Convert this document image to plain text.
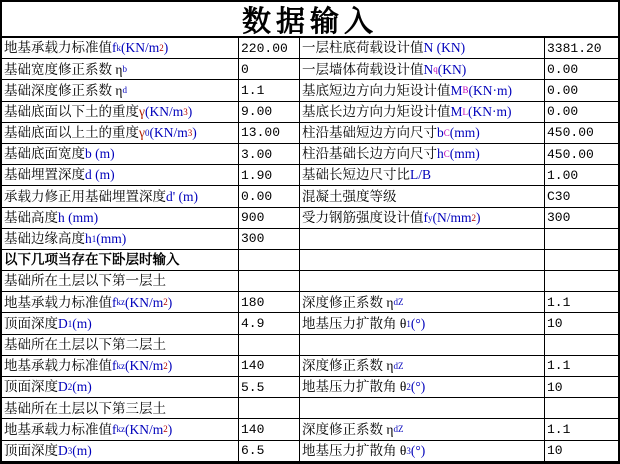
数据输入
地基承载力标准值 f k (KN/m 2 )	220.00	一层柱底荷载设计值 N (KN)	3381.20
基础宽度修正系数 η b	0	一层墙体荷载设计值 N q (KN)	0.00
基础深度修正系数 η d	1.1	基底短边方向力矩设计值 M B (KN·m)	0.00
基础底面以下土的重度 γ (KN/m 3 )	9.00	基底长边方向力矩设计值 M L (KN·m)	0.00
基础底面以上土的重度 γ 0 (KN/m 3 )	13.00	柱沿基础短边方向尺寸 b C (mm)	450.00
基础底面宽度 b (m)	3.00	柱沿基础长边方向尺寸 h C (mm)	450.00
基础埋置深度 d (m)	1.90	基础长短边尺寸比 L/B	1.00
承载力修正用基础埋置深度 d' (m)	0.00	混凝土强度等级	C30
基础高度 h (mm)	900	受力钢筋强度设计值 f y (N/mm 2 )	300
基础边缘高度 h 1 (mm)	300
以下几项当存在下卧层时输入
基础所在土层以下第一层土
地基承载力标准值 f kz (KN/m 2 )	180	深度修正系数 η dZ	1.1
顶面深度 D 1 (m)	4.9	地基压力扩散角 θ 1 (°)	10
基础所在土层以下第二层土
地基承载力标准值 f kz (KN/m 2 )	140	深度修正系数 η dZ	1.1
顶面深度 D 2 (m)	5.5	地基压力扩散角 θ 2 (°)	10
基础所在土层以下第三层土
地基承载力标准值 f kz (KN/m 2 )	140	深度修正系数 η dZ	1.1
顶面深度 D 3 (m)	6.5	地基压力扩散角 θ 3 (°)	10
